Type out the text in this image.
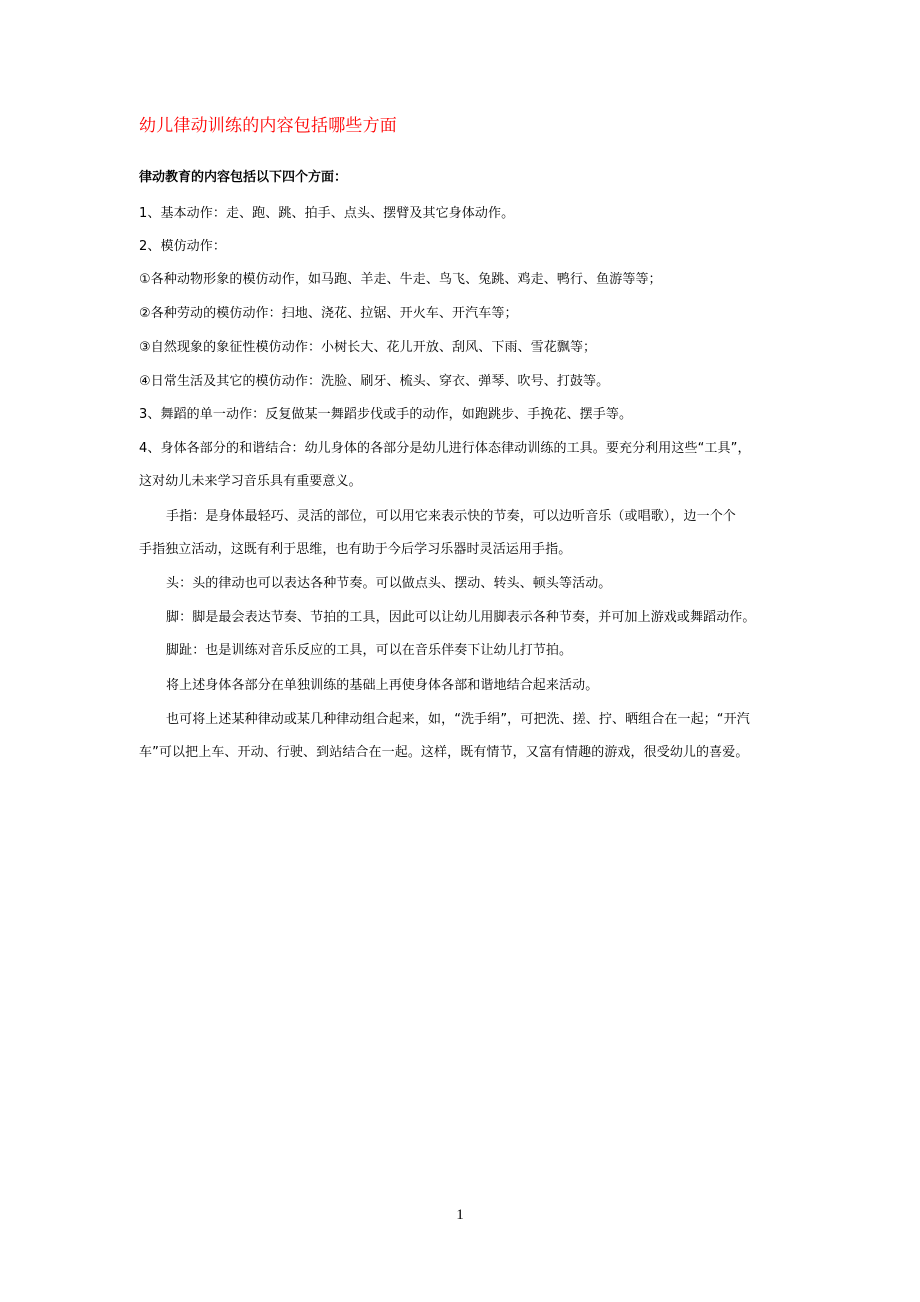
幼儿律动训练的内容包括哪些方面
律动教育的内容包括以下四个方面：
1、基本动作：走、跑、跳、拍手、点头、摆臂及其它身体动作。
2、模仿动作：
①各种动物形象的模仿动作，如马跑、羊走、牛走、鸟飞、兔跳、鸡走、鸭行、鱼游等等；
②各种劳动的模仿动作：扫地、浇花、拉锯、开火车、开汽车等；
③自然现象的象征性模仿动作：小树长大、花儿开放、刮风、下雨、雪花飘等；
④日常生活及其它的模仿动作：洗脸、刷牙、梳头、穿衣、弹琴、吹号、打鼓等。
3、舞蹈的单一动作：反复做某一舞蹈步伐或手的动作，如跑跳步、手挽花、摆手等。
4、身体各部分的和谐结合：幼儿身体的各部分是幼儿进行体态律动训练的工具。要充分利用这些“工具”，
这对幼儿未来学习音乐具有重要意义。
手指：是身体最轻巧、灵活的部位，可以用它来表示快的节奏，可以边听音乐（或唱歌），边一个个
手指独立活动，这既有利于思维，也有助于今后学习乐器时灵活运用手指。
头：头的律动也可以表达各种节奏。可以做点头、摆动、转头、顿头等活动。
脚：脚是最会表达节奏、节拍的工具，因此可以让幼儿用脚表示各种节奏，并可加上游戏或舞蹈动作。
脚趾：也是训练对音乐反应的工具，可以在音乐伴奏下让幼儿打节拍。
将上述身体各部分在单独训练的基础上再使身体各部和谐地结合起来活动。
也可将上述某种律动或某几种律动组合起来，如，“洗手绢”，可把洗、搓、拧、晒组合在一起；“开汽
车”可以把上车、开动、行驶、到站结合在一起。这样，既有情节，又富有情趣的游戏，很受幼儿的喜爱。
1
